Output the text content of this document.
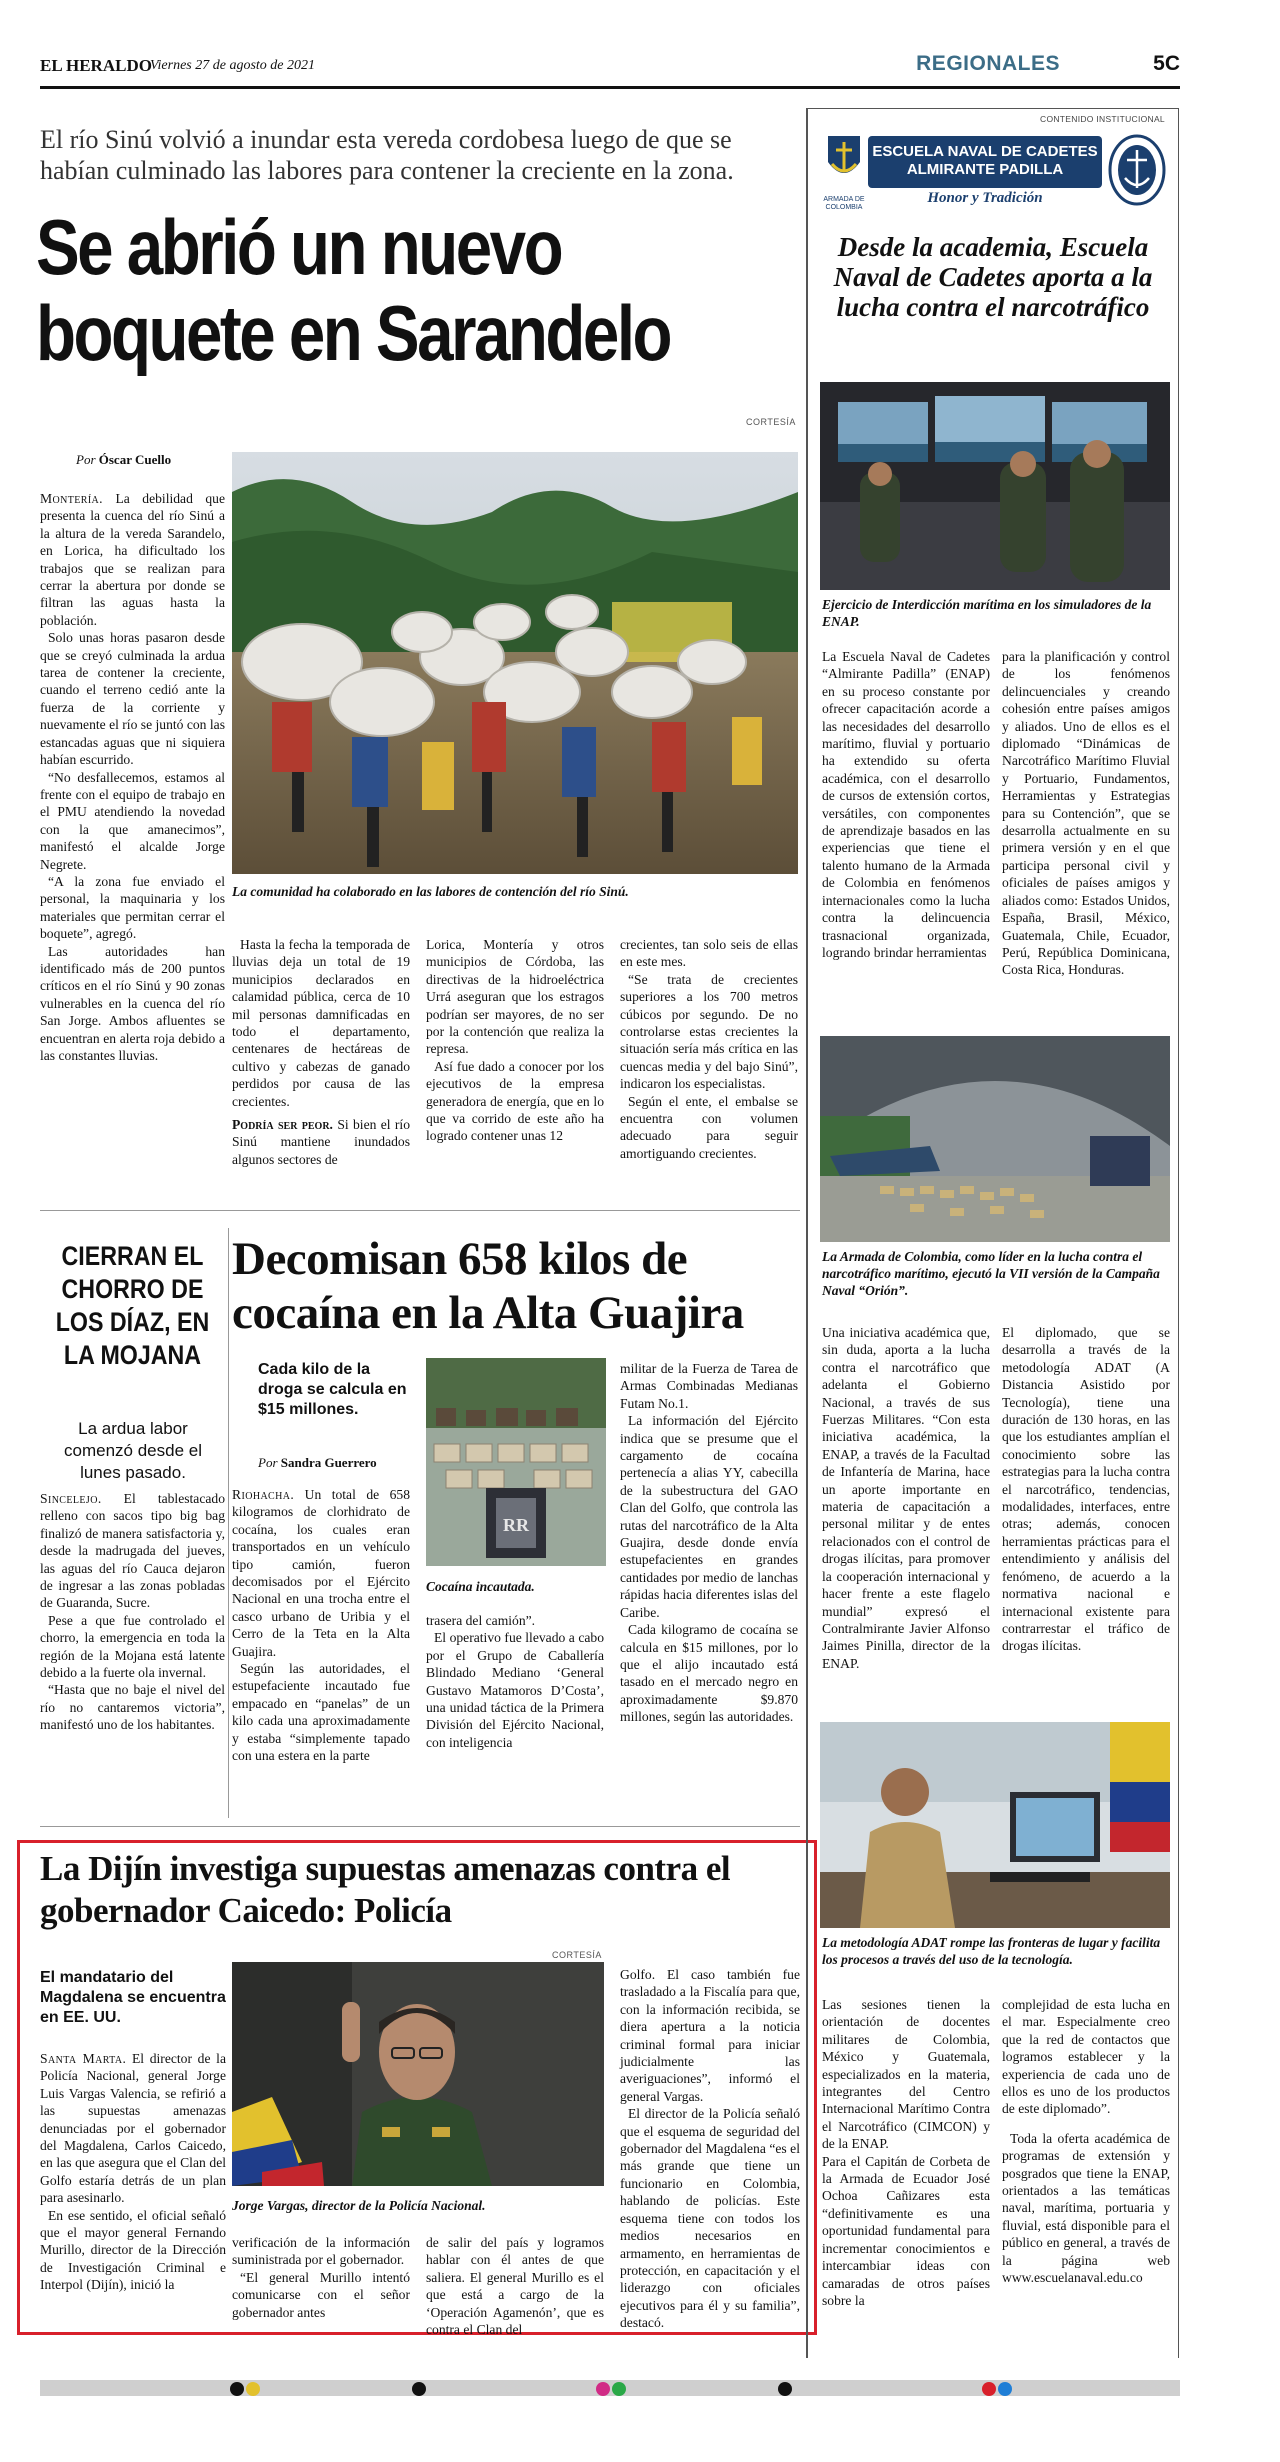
EL HERALDO
Viernes 27 de agosto de 2021	REGIONALES	5C
El río Sinú volvió a inundar esta vereda cordobesa luego de que se habían culminado las labores para contener la creciente en la zona.
Se abrió un nuevo boquete en Sarandelo
CORTESÍA
Por Óscar Cuello
La comunidad ha colaborado en las labores de contención del río Sinú.

Montería. La debilidad que presenta la cuenca del río Sinú a la altura de la vereda Sarandelo, en Lorica, ha dificultado los trabajos que se realizan para cerrar la abertura por donde se filtran las aguas hasta la población.

Solo unas horas pasaron desde que se creyó culminada la ardua tarea de contener la creciente, cuando el terreno cedió ante la fuerza de la corriente y nuevamente el río se juntó con las estancadas aguas que ni siquiera habían escurrido.

“No desfallecemos, estamos al frente con el equipo de trabajo en el PMU atendiendo la novedad con la que amanecimos”, manifestó el alcalde Jorge Negrete.

“A la zona fue enviado el personal, la maquinaria y los materiales que permitan cerrar el boquete”, agregó.

Las autoridades han identificado más de 200 puntos críticos en el río Sinú y 90 zonas vulnerables en la cuenca del río San Jorge. Ambos afluentes se encuentran en alerta roja debido a las constantes lluvias.

Hasta la fecha la temporada de lluvias deja un total de 19 municipios declarados en calamidad pública, cerca de 10 mil personas damnificadas en todo el departamento, centenares de hectáreas de cultivo y cabezas de ganado perdidos por causa de las crecientes.

Podría ser peor. Si bien el río Sinú mantiene inundados algunos sectores de

Lorica, Montería y otros municipios de Córdoba, las directivas de la hidroeléctrica Urrá aseguran que los estragos podrían ser mayores, de no ser por la contención que realiza la represa.

Así fue dado a conocer por los ejecutivos de la empresa generadora de energía, que en lo que va corrido de este año ha logrado contener unas 12

crecientes, tan solo seis de ellas en este mes.

“Se trata de crecientes superiores a los 700 metros cúbicos por segundo. De no controlarse estas crecientes la situación sería más crítica en las cuencas media y del bajo Sinú”, indicaron los especialistas.

Según el ente, el embalse se encuentra con volumen adecuado para seguir amortiguando crecientes.

CIERRAN EL CHORRO DE LOS DÍAZ, EN LA MOJANA
La ardua labor comenzó desde el lunes pasado.

Sincelejo. El tablestacado relleno con sacos tipo big bag finalizó de manera satisfactoria y, desde la madrugada del jueves, las aguas del río Cauca dejaron de ingresar a las zonas pobladas de Guaranda, Sucre.

Pese a que fue controlado el chorro, la emergencia en toda la región de la Mojana está latente debido a la fuerte ola invernal.

“Hasta que no baje el nivel del río no cantaremos victoria”, manifestó uno de los habitantes.

Decomisan 658 kilos de cocaína en la Alta Guajira
Cada kilo de la droga se calcula en $15 millones.
Por Sandra Guerrero
RR
Cocaína incautada.

Riohacha. Un total de 658 kilogramos de clorhidrato de cocaína, los cuales eran transportados en un vehículo tipo camión, fueron decomisados por el Ejército Nacional en una trocha entre el casco urbano de Uribia y el Cerro de la Teta en la Alta Guajira.

Según las autoridades, el estupefaciente incautado fue empacado en “panelas” de un kilo cada una aproximadamente y estaba “simplemente tapado con una estera en la parte

trasera del camión”.

El operativo fue llevado a cabo por el Grupo de Caballería Blindado Mediano ‘General Gustavo Matamoros D’Costa’, una unidad táctica de la Primera División del Ejército Nacional, con inteligencia

militar de la Fuerza de Tarea de Armas Combinadas Medianas Futam No.1.

La información del Ejército indica que se presume que el cargamento de cocaína pertenecía a alias YY, cabecilla de la subestructura del GAO Clan del Golfo, que controla las rutas del narcotráfico de la Alta Guajira, desde donde envía estupefacientes en grandes cantidades por medio de lanchas rápidas hacia diferentes islas del Caribe.

Cada kilogramo de cocaína se calcula en $15 millones, por lo que el alijo incautado está tasado en el mercado negro en aproximadamente $9.870 millones, según las autoridades.

La Dijín investiga supuestas amenazas contra el gobernador Caicedo: Policía
CORTESÍA
El mandatario del Magdalena se encuentra en EE. UU.
Jorge Vargas, director de la Policía Nacional.

Santa Marta. El director de la Policía Nacional, general Jorge Luis Vargas Valencia, se refirió a las supuestas amenazas denunciadas por el gobernador del Magdalena, Carlos Caicedo, en las que asegura que el Clan del Golfo estaría detrás de un plan para asesinarlo.

En ese sentido, el oficial señaló que el mayor general Fernando Murillo, director de la Dirección de Investigación Criminal e Interpol (Dijín), inició la

verificación de la información suministrada por el gobernador.

“El general Murillo intentó comunicarse con el señor gobernador antes

de salir del país y logramos hablar con él antes de que saliera. El general Murillo es el que está a cargo de la ‘Operación Agamenón’, que es contra el Clan del

Golfo. El caso también fue trasladado a la Fiscalía para que, con la información recibida, se diera apertura a la noticia criminal formal para iniciar judicialmente las averiguaciones”, informó el general Vargas.

El director de la Policía señaló que el esquema de seguridad del gobernador del Magdalena “es el más grande que tiene un funcionario en Colombia, hablando de policías. Este esquema tiene con todos los medios necesarios en armamento, en herramientas de protección, en capacitación y el liderazgo con oficiales ejecutivos para él y su familia”, destacó.

CONTENIDO INSTITUCIONAL
ARMADA DE COLOMBIA
ESCUELA NAVAL DE CADETES ALMIRANTE PADILLA
Honor y Tradición
Desde la academia, Escuela Naval de Cadetes aporta a la lucha contra el narcotráfico
Ejercicio de Interdicción marítima en los simuladores de la ENAP.

La Escuela Naval de Cadetes “Almirante Padilla” (ENAP) en su proceso constante por ofrecer capacitación acorde a las necesidades del desarrollo marítimo, fluvial y portuario ha extendido su oferta académica, con el desarrollo de cursos de extensión cortos, versátiles, con componentes de aprendizaje basados en las experiencias que tiene el talento humano de la Armada de Colombia en fenómenos internacionales como la lucha contra la delincuencia trasnacional organizada, logrando brindar herramientas

para la planificación y control de los fenómenos delincuenciales y creando cohesión entre países amigos y aliados. Uno de ellos es el diplomado “Dinámicas de Narcotráfico Marítimo Fluvial y Portuario, Fundamentos, Herramientas y Estrategias para su Contención”, que se desarrolla actualmente en su primera versión y en el que participa personal civil y oficiales de países amigos y aliados como: Estados Unidos, España, Brasil, México, Guatemala, Chile, Ecuador, Perú, República Dominicana, Costa Rica, Honduras.

La Armada de Colombia, como líder en la lucha contra el narcotráfico marítimo, ejecutó la VII versión de la Campaña Naval “Orión”.

Una iniciativa académica que, sin duda, aporta a la lucha contra el narcotráfico que adelanta el Gobierno Nacional, a través de sus Fuerzas Militares. “Con esta iniciativa académica, la ENAP, a través de la Facultad de Infantería de Marina, hace un aporte importante en materia de capacitación a personal militar y de entes relacionados con el control de drogas ilícitas, para promover la cooperación internacional y hacer frente a este flagelo mundial” expresó el Contralmirante Javier Alfonso Jaimes Pinilla, director de la ENAP.

El diplomado, que se desarrolla a través de la metodología ADAT (A Distancia Asistido por Tecnología), tiene una duración de 130 horas, en las que los estudiantes amplían el conocimiento sobre las estrategias para la lucha contra el narcotráfico, tendencias, modalidades, interfaces, entre otras; además, conocen herramientas prácticas para el entendimiento y análisis del fenómeno, de acuerdo a la normativa nacional e internacional existente para contrarrestar el tráfico de drogas ilícitas.

La metodología ADAT rompe las fronteras de lugar y facilita los procesos a través del uso de la tecnología.

Las sesiones tienen la orientación de docentes militares de Colombia, México y Guatemala, especializados en la materia, integrantes del Centro Internacional Marítimo Contra el Narcotráfico (CIMCON) y de la ENAP.

Para el Capitán de Corbeta de la Armada de Ecuador José Ochoa Cañizares esta “definitivamente es una oportunidad fundamental para incrementar conocimientos e intercambiar ideas con camaradas de otros países sobre la

complejidad de esta lucha en el mar. Especialmente creo que la red de contactos que logramos establecer y la experiencia de cada uno de ellos es uno de los productos de este diplomado”.

Toda la oferta académica de programas de extensión y posgrados que tiene la ENAP, orientados a las temáticas naval, marítima, portuaria y fluvial, está disponible para el público en general, a través de la página web www.escuelanaval.edu.co
